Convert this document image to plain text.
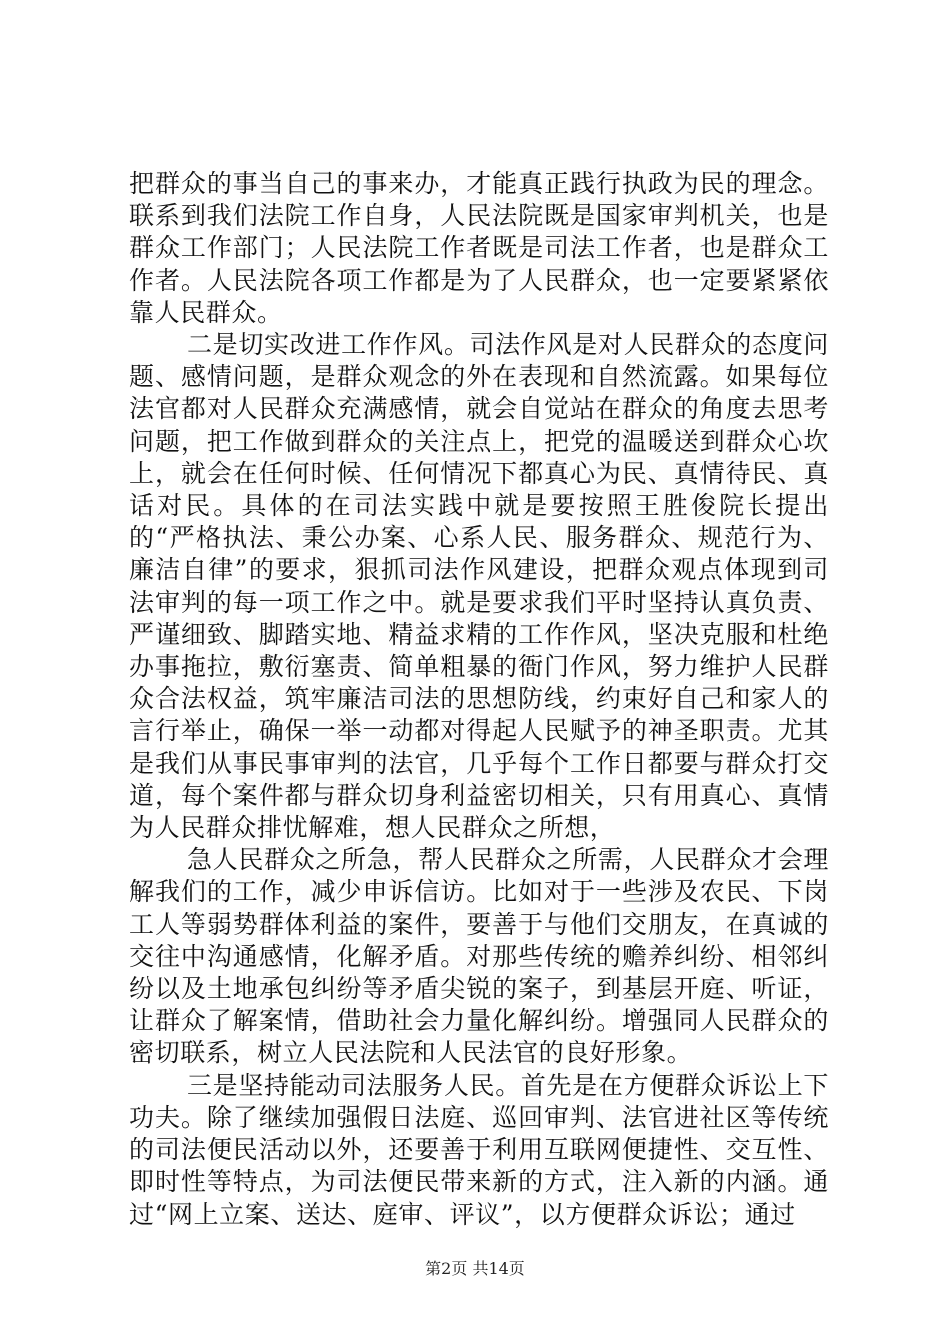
把群众的事当自己的事来办，才能真正践行执政为民的理念。联系到我们法院工作自身，人民法院既是国家审判机关，也是群众工作部门；人民法院工作者既是司法工作者，也是群众工作者。人民法院各项工作都是为了人民群众，也一定要紧紧依靠人民群众。

二是切实改进工作作风。司法作风是对人民群众的态度问题、感情问题，是群众观念的外在表现和自然流露。如果每位法官都对人民群众充满感情，就会自觉站在群众的角度去思考问题，把工作做到群众的关注点上，把党的温暖送到群众心坎上，就会在任何时候、任何情况下都真心为民、真情待民、真话对民。具体的在司法实践中就是要按照王胜俊院长提出的“严格执法、秉公办案、心系人民、服务群众、规范行为、廉洁自律”的要求，狠抓司法作风建设，把群众观点体现到司法审判的每一项工作之中。就是要求我们平时坚持认真负责、严谨细致、脚踏实地、精益求精的工作作风，坚决克服和杜绝办事拖拉，敷衍塞责、简单粗暴的衙门作风，努力维护人民群众合法权益，筑牢廉洁司法的思想防线，约束好自己和家人的言行举止，确保一举一动都对得起人民赋予的神圣职责。尤其是我们从事民事审判的法官，几乎每个工作日都要与群众打交道，每个案件都与群众切身利益密切相关，只有用真心、真情为人民群众排忧解难，想人民群众之所想，

急人民群众之所急，帮人民群众之所需，人民群众才会理解我们的工作，减少申诉信访。比如对于一些涉及农民、下岗工人等弱势群体利益的案件，要善于与他们交朋友，在真诚的交往中沟通感情，化解矛盾。对那些传统的赡养纠纷、相邻纠纷以及土地承包纠纷等矛盾尖锐的案子，到基层开庭、听证，让群众了解案情，借助社会力量化解纠纷。增强同人民群众的密切联系，树立人民法院和人民法官的良好形象。

三是坚持能动司法服务人民。首先是在方便群众诉讼上下功夫。除了继续加强假日法庭、巡回审判、法官进社区等传统的司法便民活动以外，还要善于利用互联网便捷性、交互性、即时性等特点，为司法便民带来新的方式，注入新的内涵。通过“网上立案、送达、庭审、评议”，以方便群众诉讼；通过

第2页 共14页
